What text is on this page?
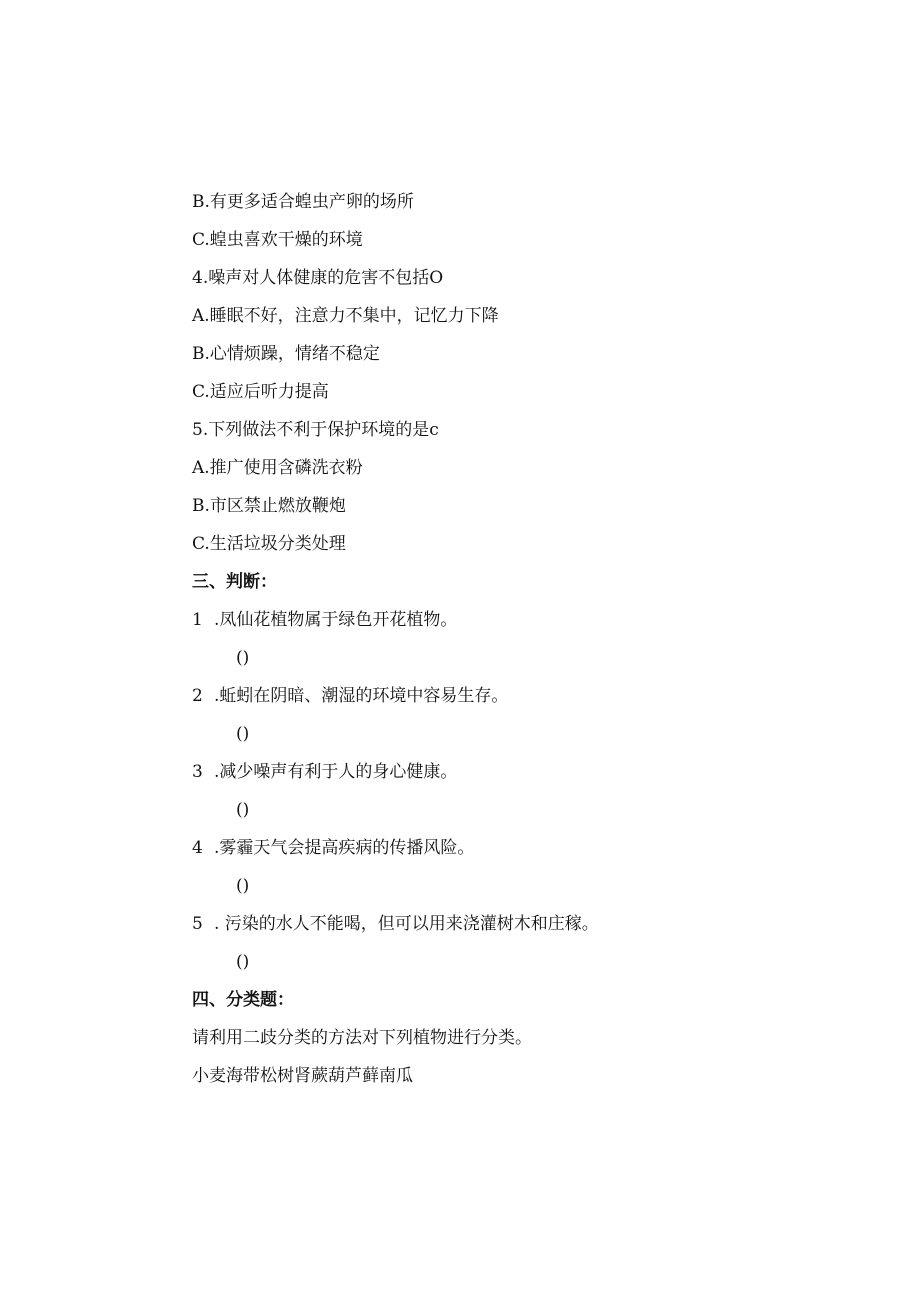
B.有更多适合蝗虫产卵的场所
C.蝗虫喜欢干燥的环境
4.噪声对人体健康的危害不包括O
A.睡眠不好，注意力不集中，记忆力下降
B.心情烦躁，情绪不稳定
C.适应后听力提高
5.下列做法不利于保护环境的是c
A.推广使用含磷洗衣粉
B.市区禁止燃放鞭炮
C.生活垃圾分类处理
三、判断：
1 .凤仙花植物属于绿色开花植物。
()
2 .蚯蚓在阴暗、潮湿的环境中容易生存。
()
3 .减少噪声有利于人的身心健康。
()
4 .雾霾天气会提高疾病的传播风险。
()
5 . 污染的水人不能喝，但可以用来浇灌树木和庄稼。
()
四、分类题：
请利用二歧分类的方法对下列植物进行分类。
小麦海带松树肾蕨葫芦藓南瓜
